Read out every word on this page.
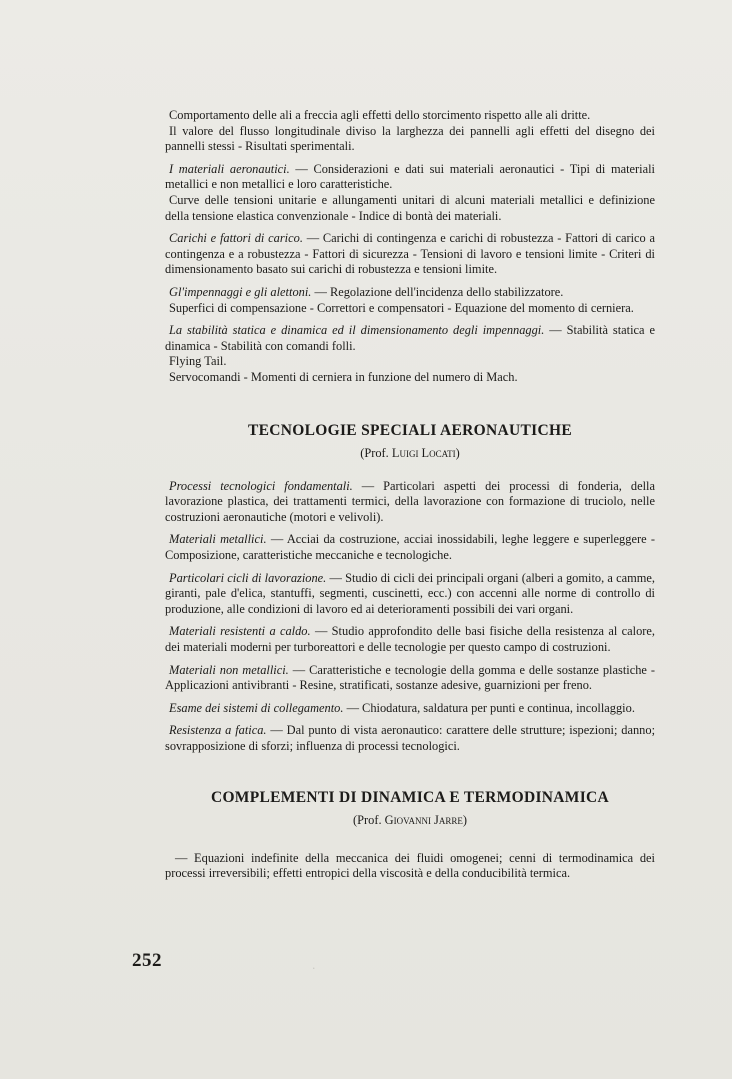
Comportamento delle ali a freccia agli effetti dello storcimento rispetto alle ali dritte.

Il valore del flusso longitudinale diviso la larghezza dei pannelli agli effetti del disegno dei pannelli stessi - Risultati sperimentali.

I materiali aeronautici. — Considerazioni e dati sui materiali aeronautici - Tipi di materiali metallici e non metallici e loro caratteristiche.

Curve delle tensioni unitarie e allungamenti unitari di alcuni materiali metallici e definizione della tensione elastica convenzionale - Indice di bontà dei materiali.

Carichi e fattori di carico. — Carichi di contingenza e carichi di robustezza - Fattori di carico a contingenza e a robustezza - Fattori di sicurezza - Tensioni di lavoro e tensioni limite - Criteri di dimensionamento basato sui carichi di robustezza e tensioni limite.

Gl'impennaggi e gli alettoni. — Regolazione dell'incidenza dello stabilizzatore.

Superfici di compensazione - Correttori e compensatori - Equazione del momento di cerniera.

La stabilità statica e dinamica ed il dimensionamento degli impennaggi. — Stabilità statica e dinamica - Stabilità con comandi folli.

Flying Tail.

Servocomandi - Momenti di cerniera in funzione del numero di Mach.

TECNOLOGIE SPECIALI AERONAUTICHE

(Prof. Luigi Locati)

Processi tecnologici fondamentali. — Particolari aspetti dei processi di fonderia, della lavorazione plastica, dei trattamenti termici, della lavorazione con formazione di truciolo, nelle costruzioni aeronautiche (motori e velivoli).

Materiali metallici. — Acciai da costruzione, acciai inossidabili, leghe leggere e superleggere - Composizione, caratteristiche meccaniche e tecnologiche.

Particolari cicli di lavorazione. — Studio di cicli dei principali organi (alberi a gomito, a camme, giranti, pale d'elica, stantuffi, segmenti, cuscinetti, ecc.) con accenni alle norme di controllo di produzione, alle condizioni di lavoro ed ai deterioramenti possibili dei vari organi.

Materiali resistenti a caldo. — Studio approfondito delle basi fisiche della resistenza al calore, dei materiali moderni per turboreattori e delle tecnologie per questo campo di costruzioni.

Materiali non metallici. — Caratteristiche e tecnologie della gomma e delle sostanze plastiche - Applicazioni antivibranti - Resine, stratificati, sostanze adesive, guarnizioni per freno.

Esame dei sistemi di collegamento. — Chiodatura, saldatura per punti e continua, incollaggio.

Resistenza a fatica. — Dal punto di vista aeronautico: carattere delle strutture; ispezioni; danno; sovrapposizione di sforzi; influenza di processi tecnologici.

COMPLEMENTI DI DINAMICA E TERMODINAMICA

(Prof. Giovanni Jarre)

— Equazioni indefinite della meccanica dei fluidi omogenei; cenni di termodinamica dei processi irreversibili; effetti entropici della viscosità e della conducibilità termica.

252	·
